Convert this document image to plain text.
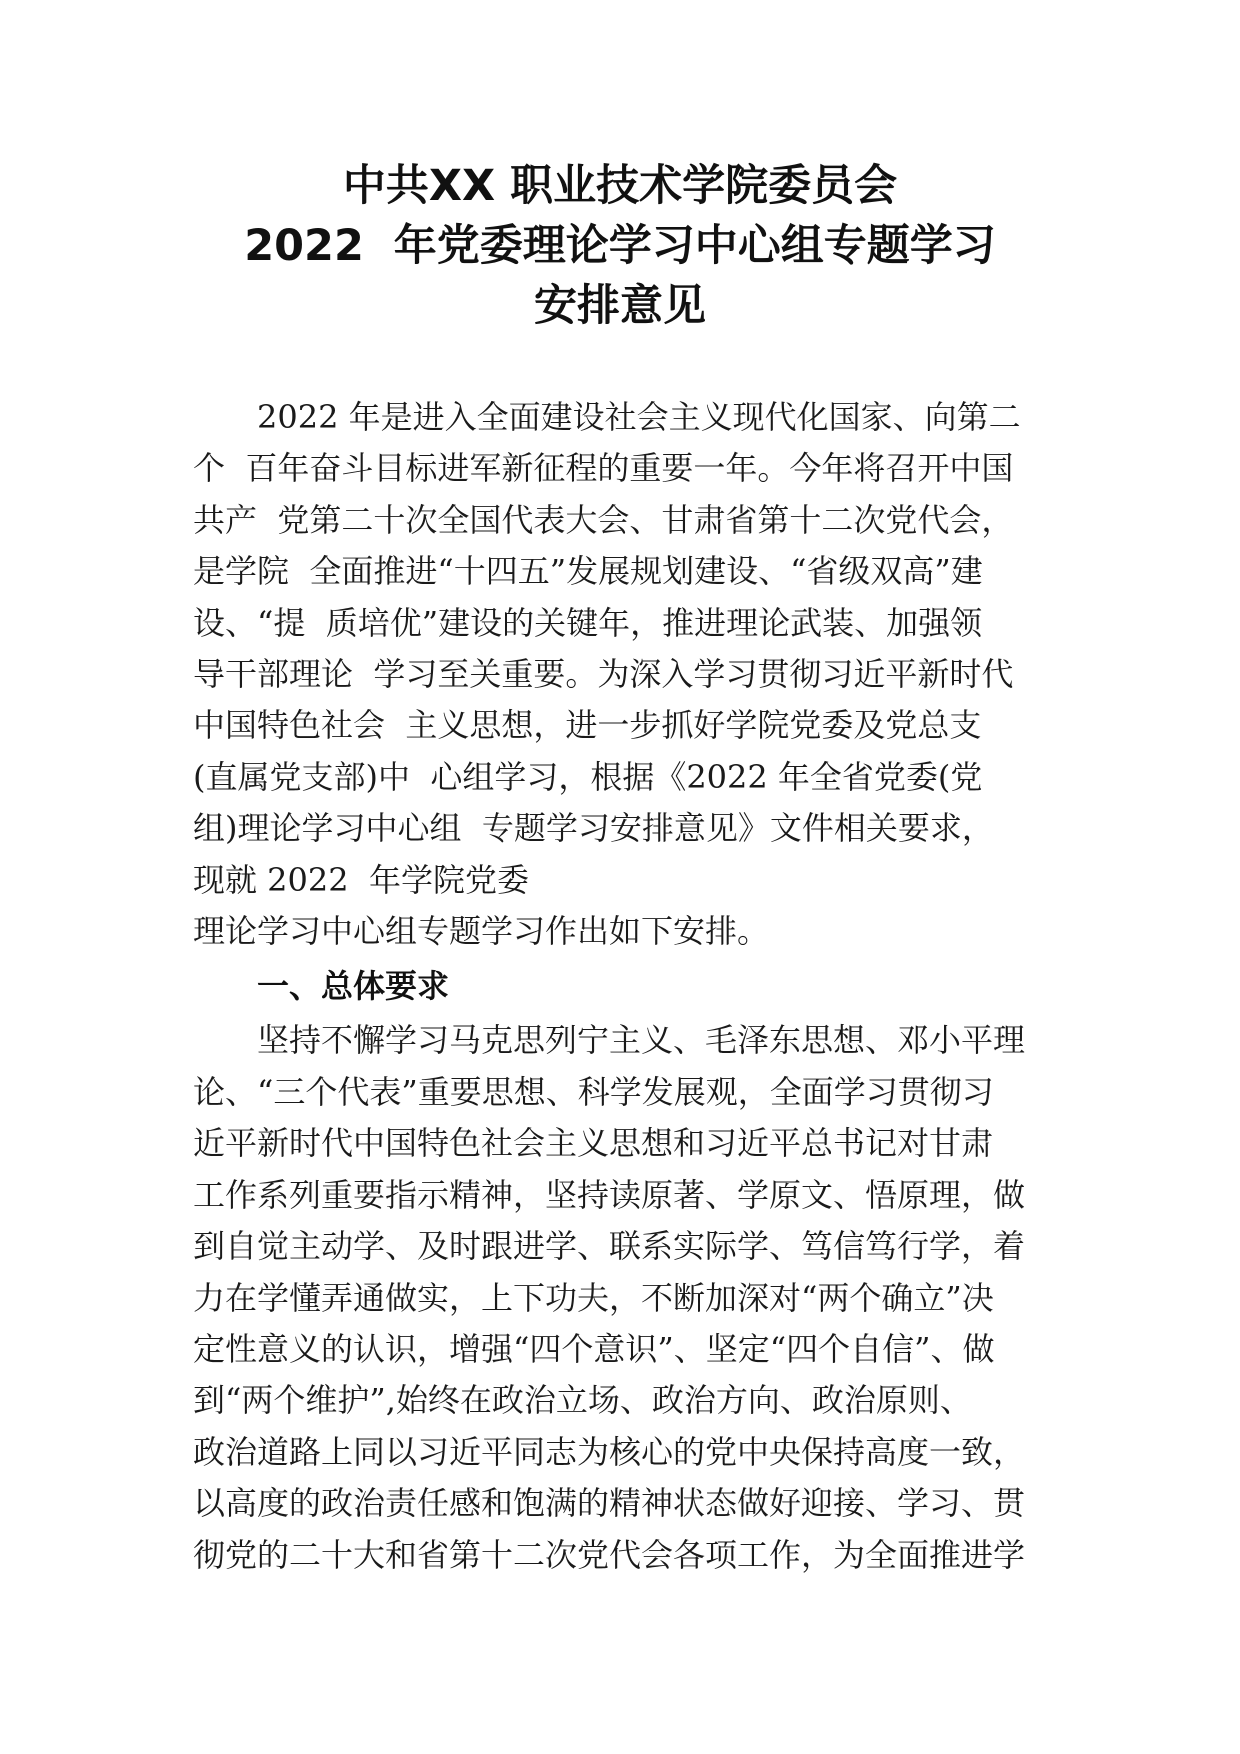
中共XX 职业技术学院委员会
2022  年党委理论学习中心组专题学习
安排意见
2022 年是进入全面建设社会主义现代化国家、向第二
个  百年奋斗目标进军新征程的重要一年。今年将召开中国
共产  党第二十次全国代表大会、甘肃省第十二次党代会，
是学院  全面推进“十四五”发展规划建设、“省级双高”建
设、“提  质培优”建设的关键年，推进理论武装、加强领
导干部理论  学习至关重要。为深入学习贯彻习近平新时代
中国特色社会  主义思想，进一步抓好学院党委及党总支
(直属党支部)中  心组学习，根据《2022 年全省党委(党
组)理论学习中心组  专题学习安排意见》文件相关要求，
现就 2022  年学院党委
理论学习中心组专题学习作出如下安排。
一、总体要求
坚持不懈学习马克思列宁主义、毛泽东思想、邓小平理
论、“三个代表”重要思想、科学发展观，全面学习贯彻习
近平新时代中国特色社会主义思想和习近平总书记对甘肃
工作系列重要指示精神，坚持读原著、学原文、悟原理，做
到自觉主动学、及时跟进学、联系实际学、笃信笃行学，着
力在学懂弄通做实，上下功夫，不断加深对“两个确立”决
定性意义的认识，增强“四个意识”、坚定“四个自信”、做
到“两个维护”,始终在政治立场、政治方向、政治原则、
政治道路上同以习近平同志为核心的党中央保持高度一致，
以高度的政治责任感和饱满的精神状态做好迎接、学习、贯
彻党的二十大和省第十二次党代会各项工作，为全面推进学
